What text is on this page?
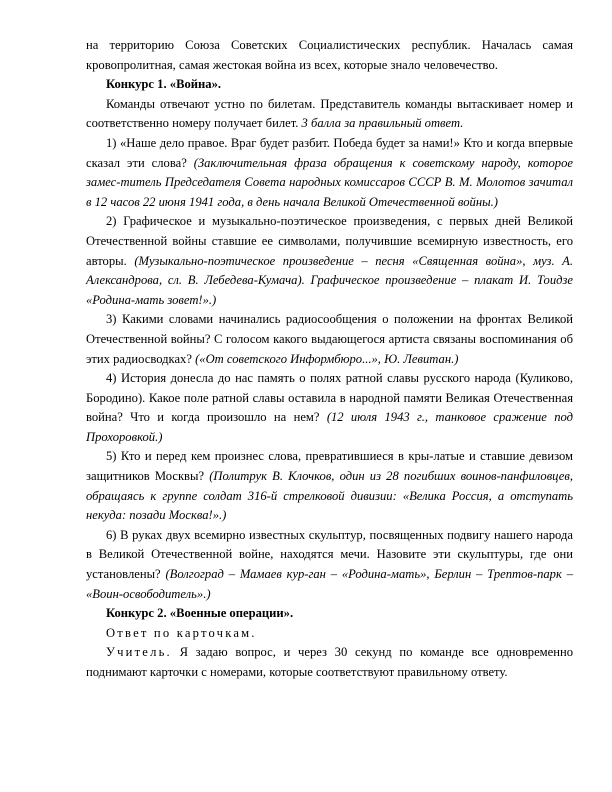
на территорию Союза Советских Социалистических республик. Началась самая кровопролитная, самая жестокая война из всех, которые знало человечество.

Конкурс 1. «Война».

Команды отвечают устно по билетам. Представитель команды вытаскивает номер и соответственно номеру получает билет. 3 балла за правильный ответ.

1) «Наше дело правое. Враг будет разбит. Победа будет за нами!» Кто и когда впервые сказал эти слова? (Заключительная фраза обращения к советскому народу, которое замес-титель Председателя Совета народных комиссаров СССР В. М. Молотов зачитал в 12 часов 22 июня 1941 года, в день начала Великой Отечественной войны.)

2) Графическое и музыкально-поэтическое произведения, с первых дней Великой Отечественной войны ставшие ее символами, получившие всемирную известность, его авторы. (Музыкально-поэтическое произведение – песня «Священная война», муз. А. Александрова, сл. В. Лебедева-Кумача). Графическое произведение – плакат И. Тоидзе «Родина-мать зовет!».)

3) Какими словами начинались радиосообщения о положении на фронтах Великой Отечественной войны? С голосом какого выдающегося артиста связаны воспоминания об этих радиосводках? («От советского Информбюро...», Ю. Левитан.)

4) История донесла до нас память о полях ратной славы русского народа (Куликово, Бородино). Какое поле ратной славы оставила в народной памяти Великая Отечественная война? Что и когда произошло на нем? (12 июля 1943 г., танковое сражение под Прохоровкой.)

5) Кто и перед кем произнес слова, превратившиеся в кры-латые и ставшие девизом защитников Москвы? (Политрук В. Клочков, один из 28 погибших воинов-панфиловцев, обращаясь к группе солдат 316-й стрелковой дивизии: «Велика Россия, а отступать некуда: позади Москва!».)

6) В руках двух всемирно известных скульптур, посвященных подвигу нашего народа в Великой Отечественной войне, находятся мечи. Назовите эти скульптуры, где они установлены? (Волгоград – Мамаев кур-ган – «Родина-мать», Берлин – Трептов-парк – «Воин-освободитель».)

Конкурс 2. «Военные операции».

Ответ по карточкам.

Учитель. Я задаю вопрос, и через 30 секунд по команде все одновременно поднимают карточки с номерами, которые соответствуют правильному ответу.
